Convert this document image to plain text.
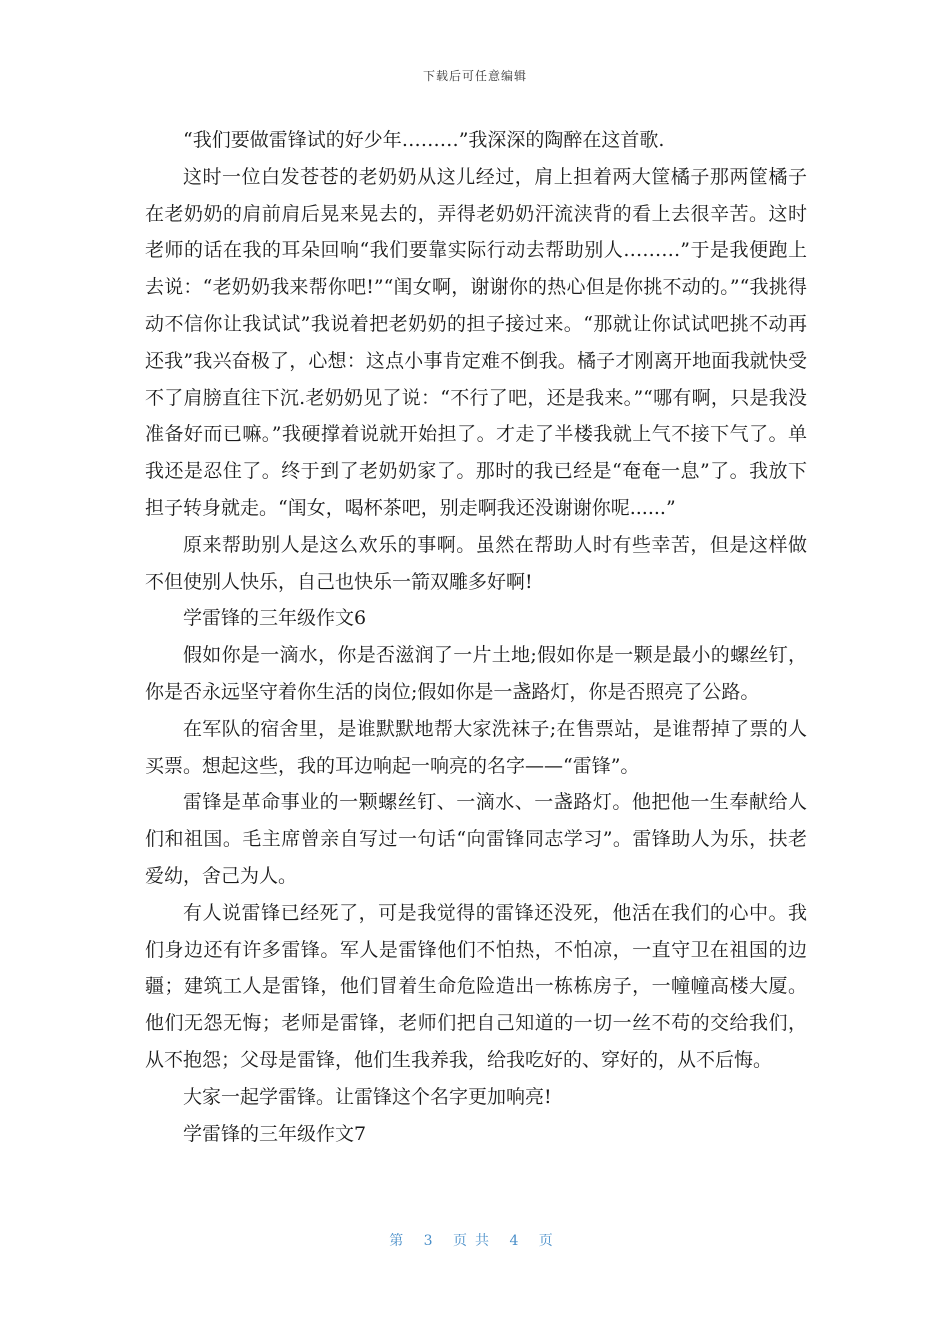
下载后可任意编辑

“我们要做雷锋试的好少年………”我深深的陶醉在这首歌.

这时一位白发苍苍的老奶奶从这儿经过，肩上担着两大筐橘子那两筐橘子在老奶奶的肩前肩后晃来晃去的，弄得老奶奶汗流浃背的看上去很辛苦。这时老师的话在我的耳朵回响“我们要靠实际行动去帮助别人………”于是我便跑上去说：“老奶奶我来帮你吧!”“闺女啊，谢谢你的热心但是你挑不动的。”“我挑得动不信你让我试试”我说着把老奶奶的担子接过来。“那就让你试试吧挑不动再还我”我兴奋极了，心想：这点小事肯定难不倒我。橘子才刚离开地面我就快受不了肩膀直往下沉.老奶奶见了说：“不行了吧，还是我来。”“哪有啊，只是我没准备好而已嘛。”我硬撑着说就开始担了。才走了半楼我就上气不接下气了。单我还是忍住了。终于到了老奶奶家了。那时的我已经是“奄奄一息”了。我放下担子转身就走。“闺女，喝杯茶吧，别走啊我还没谢谢你呢......”

原来帮助别人是这么欢乐的事啊。虽然在帮助人时有些幸苦，但是这样做不但使别人快乐，自己也快乐一箭双雕多好啊!

学雷锋的三年级作文6

假如你是一滴水，你是否滋润了一片土地;假如你是一颗是最小的螺丝钉，你是否永远坚守着你生活的岗位;假如你是一盏路灯，你是否照亮了公路。

在军队的宿舍里，是谁默默地帮大家洗袜子;在售票站，是谁帮掉了票的人买票。想起这些，我的耳边响起一响亮的名字——“雷锋”。

雷锋是革命事业的一颗螺丝钉、一滴水、一盏路灯。他把他一生奉献给人们和祖国。毛主席曾亲自写过一句话“向雷锋同志学习”。雷锋助人为乐，扶老爱幼，舍己为人。

有人说雷锋已经死了，可是我觉得的雷锋还没死，他活在我们的心中。我们身边还有许多雷锋。军人是雷锋他们不怕热，不怕凉，一直守卫在祖国的边疆；建筑工人是雷锋，他们冒着生命危险造出一栋栋房子，一幢幢高楼大厦。他们无怨无悔；老师是雷锋，老师们把自己知道的一切一丝不苟的交给我们，从不抱怨；父母是雷锋，他们生我养我，给我吃好的、穿好的，从不后悔。

大家一起学雷锋。让雷锋这个名字更加响亮!

学雷锋的三年级作文7

第 3 页共 4 页
